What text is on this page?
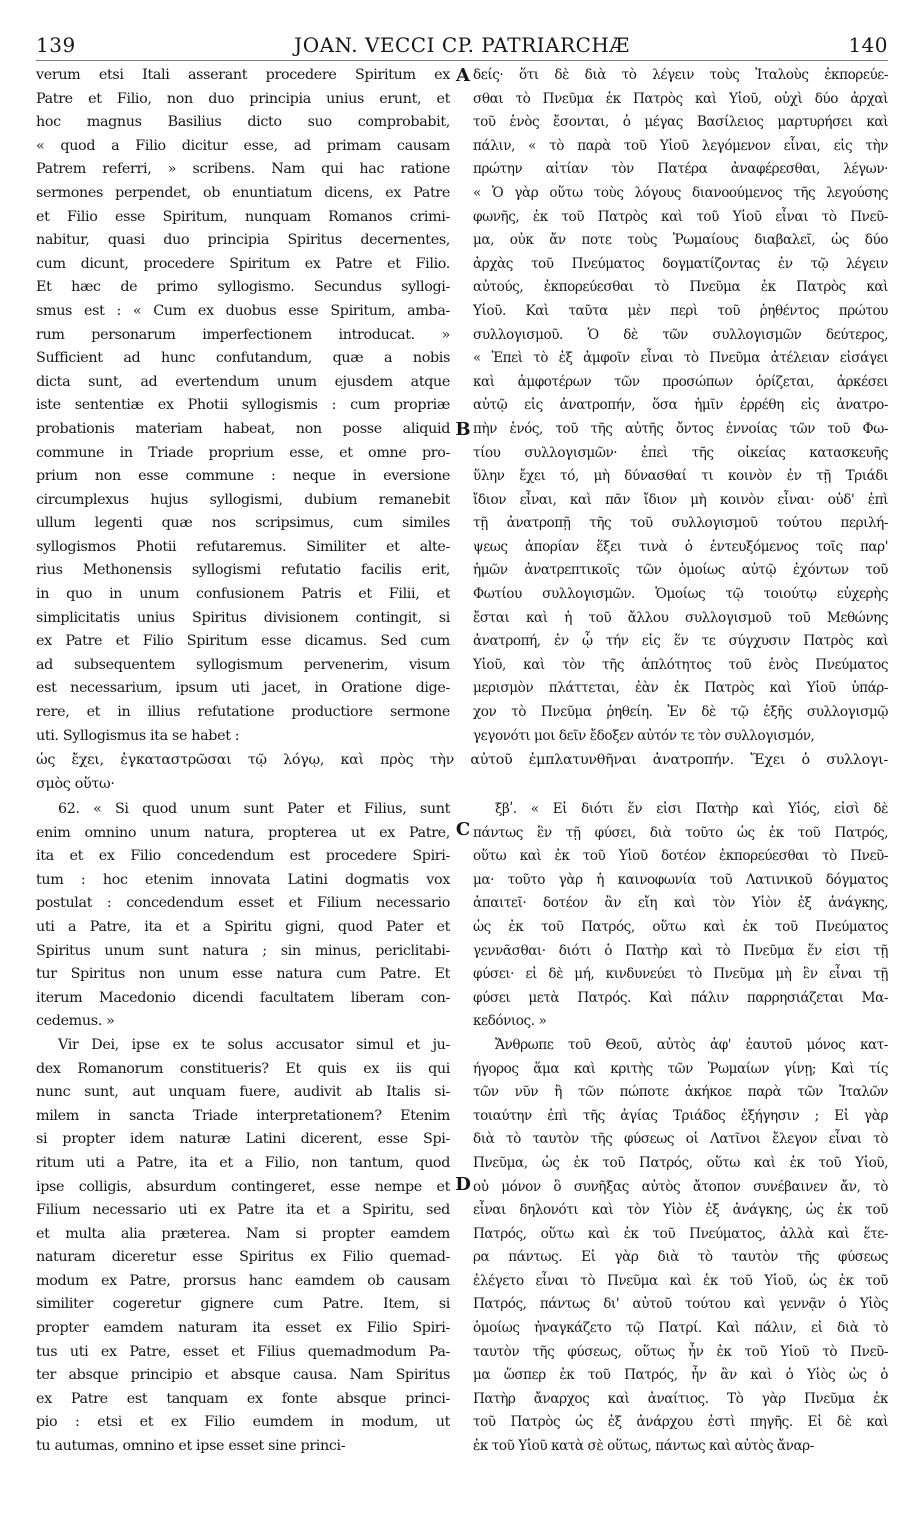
139	JOAN. VECCI CP. PATRIARCHÆ	140
A
B
C
D
verum etsi Itali asserant procedere Spiritum ex
Patre et Filio, non duo principia unius erunt, et
hoc magnus Basilius dicto suo comprobabit,
« quod a Filio dicitur esse, ad primam causam
Patrem referri, » scribens. Nam qui hac ratione
sermones perpendet, ob enuntiatum dicens, ex Patre
et Filio esse Spiritum, nunquam Romanos crimi-
nabitur, quasi duo principia Spiritus decernentes,
cum dicunt, procedere Spiritum ex Patre et Filio.
Et hæc de primo syllogismo. Secundus syllogi-
smus est : « Cum ex duobus esse Spiritum, amba-
rum personarum imperfectionem introducat. »
Sufficient ad hunc confutandum, quæ a nobis
dicta sunt, ad evertendum unum ejusdem atque
iste sententiæ ex Photii syllogismis : cum propriæ
probationis materiam habeat, non posse aliquid
commune in Triade proprium esse, et omne pro-
prium non esse commune : neque in eversione
circumplexus hujus syllogismi, dubium remanebit
ullum legenti quæ nos scripsimus, cum similes
syllogismos Photii refutaremus. Similiter et alte-
rius Methonensis syllogismi refutatio facilis erit,
in quo in unum confusionem Patris et Filii, et
simplicitatis unius Spiritus divisionem contingit, si
ex Patre et Filio Spiritum esse dicamus. Sed cum
ad subsequentem syllogismum pervenerim, visum
est necessarium, ipsum uti jacet, in Oratione dige-
rere, et in illius refutatione productiore sermone
uti. Syllogismus ita se habet :
δείς· ὅτι δὲ διὰ τὸ λέγειν τοὺς Ἰταλοὺς ἐκπορεύε-
σθαι τὸ Πνεῦμα ἐκ Πατρὸς καὶ Υἱοῦ, οὐχὶ δύο ἀρχαὶ
τοῦ ἑνὸς ἔσονται, ὁ μέγας Βασίλειος μαρτυρήσει καὶ
πάλιν, « τὸ παρὰ τοῦ Υἱοῦ λεγόμενον εἶναι, εἰς τὴν
πρώτην αἰτίαν τὸν Πατέρα ἀναφέρεσθαι, λέγων·
« Ὁ γὰρ οὕτω τοὺς λόγους διανοούμενος τῆς λεγούσης
φωνῆς, ἐκ τοῦ Πατρὸς καὶ τοῦ Υἱοῦ εἶναι τὸ Πνεῦ-
μα, οὐκ ἄν ποτε τοὺς Ῥωμαίους διαβαλεῖ, ὡς δύο
ἀρχὰς τοῦ Πνεύματος δογματίζοντας ἐν τῷ λέγειν
αὐτούς, ἐκπορεύεσθαι τὸ Πνεῦμα ἐκ Πατρὸς καὶ
Υἱοῦ. Καὶ ταῦτα μὲν περὶ τοῦ ῥηθέντος πρώτου
συλλογισμοῦ. Ὁ δὲ τῶν συλλογισμῶν δεύτερος,
« Ἐπεὶ τὸ ἐξ ἀμφοῖν εἶναι τὸ Πνεῦμα ἀτέλειαν εἰσάγει
καὶ ἀμφοτέρων τῶν προσώπων ὁρίζεται, ἀρκέσει
αὐτῷ εἰς ἀνατροπήν, ὅσα ἡμῖν ἐρρέθη εἰς ἀνατρο-
πὴν ἑνός, τοῦ τῆς αὐτῆς ὄντος ἐννοίας τῶν τοῦ Φω-
τίου συλλογισμῶν· ἐπεὶ τῆς οἰκείας κατασκευῆς
ὕλην ἔχει τό, μὴ δύνασθαί τι κοινὸν ἐν τῇ Τριάδι
ἴδιον εἶναι, καὶ πᾶν ἴδιον μὴ κοινὸν εἶναι· οὐδ' ἐπὶ
τῇ ἀνατροπῇ τῆς τοῦ συλλογισμοῦ τούτου περιλή-
ψεως ἀπορίαν ἕξει τινὰ ὁ ἐντευξόμενος τοῖς παρ'
ἡμῶν ἀνατρεπτικοῖς τῶν ὁμοίως αὐτῷ ἐχόντων τοῦ
Φωτίου συλλογισμῶν. Ὁμοίως τῷ τοιούτῳ εὐχερὴς
ἔσται καὶ ἡ τοῦ ἄλλου συλλογισμοῦ τοῦ Μεθώνης
ἀνατροπή, ἐν ᾧ τήν εἰς ἕν τε σύγχυσιν Πατρὸς καὶ
Υἱοῦ, καὶ τὸν τῆς ἁπλότητος τοῦ ἑνὸς Πνεύματος
μερισμὸν πλάττεται, ἐὰν ἐκ Πατρὸς καὶ Υἱοῦ ὑπάρ-
χον τὸ Πνεῦμα ῥηθείη. Ἐν δὲ τῷ ἑξῆς συλλογισμῷ
γεγονότι μοι δεῖν ἔδοξεν αὐτόν τε τὸν συλλογισμόν,
ὡς ἔχει, ἐγκαταστρῶσαι τῷ λόγῳ, καὶ πρὸς τὴν αὐτοῦ ἐμπλατυνθῆναι ἀνατροπήν. Ἔχει ὁ συλλογι-
σμὸς οὕτω·
62. « Si quod unum sunt Pater et Filius, sunt
enim omnino unum natura, propterea ut ex Patre,
ita et ex Filio concedendum est procedere Spiri-
tum : hoc etenim innovata Latini dogmatis vox
postulat : concedendum esset et Filium necessario
uti a Patre, ita et a Spiritu gigni, quod Pater et
Spiritus unum sunt natura ; sin minus, periclitabi-
tur Spiritus non unum esse natura cum Patre. Et
iterum Macedonio dicendi facultatem liberam con-
cedemus. »
Vir Dei, ipse ex te solus accusator simul et ju-
dex Romanorum constitueris? Et quis ex iis qui
nunc sunt, aut unquam fuere, audivit ab Italis si-
milem in sancta Triade interpretationem? Etenim
si propter idem naturæ Latini dicerent, esse Spi-
ritum uti a Patre, ita et a Filio, non tantum, quod
ipse colligis, absurdum contingeret, esse nempe et
Filium necessario uti ex Patre ita et a Spiritu, sed
et multa alia præterea. Nam si propter eamdem
naturam diceretur esse Spiritus ex Filio quemad-
modum ex Patre, prorsus hanc eamdem ob causam
similiter cogeretur gignere cum Patre. Item, si
propter eamdem naturam ita esset ex Filio Spiri-
tus uti ex Patre, esset et Filius quemadmodum Pa-
ter absque principio et absque causa. Nam Spiritus
ex Patre est tanquam ex fonte absque princi-
pio : etsi et ex Filio eumdem in modum, ut
tu autumas, omnino et ipse esset sine princi-
ξβʹ. « Εἰ διότι ἕν εἰσι Πατὴρ καὶ Υἱός, εἰσὶ δὲ
πάντως ἓν τῇ φύσει, διὰ τοῦτο ὡς ἐκ τοῦ Πατρός,
οὕτω καὶ ἐκ τοῦ Υἱοῦ δοτέον ἐκπορεύεσθαι τὸ Πνεῦ-
μα· τοῦτο γὰρ ἡ καινοφωνία τοῦ Λατινικοῦ δόγματος
ἀπαιτεῖ· δοτέον ἂν εἴη καὶ τὸν Υἱὸν ἐξ ἀνάγκης,
ὡς ἐκ τοῦ Πατρός, οὕτω καὶ ἐκ τοῦ Πνεύματος
γεννᾶσθαι· διότι ὁ Πατὴρ καὶ τὸ Πνεῦμα ἕν εἰσι τῇ
φύσει· εἰ δὲ μή, κινδυνεύει τὸ Πνεῦμα μὴ ἓν εἶναι τῇ
φύσει μετὰ Πατρός. Καὶ πάλιν παρρησιάζεται Μα-
κεδόνιος. »
Ἄνθρωπε τοῦ Θεοῦ, αὐτὸς ἀφ' ἑαυτοῦ μόνος κατ-
ήγορος ἅμα καὶ κριτὴς τῶν Ῥωμαίων γίνῃ; Καὶ τίς
τῶν νῦν ἢ τῶν πώποτε ἀκήκοε παρὰ τῶν Ἰταλῶν
τοιαύτην ἐπὶ τῆς ἁγίας Τριάδος ἐξήγησιν ; Εἰ γὰρ
διὰ τὸ ταυτὸν τῆς φύσεως οἱ Λατῖνοι ἔλεγον εἶναι τὸ
Πνεῦμα, ὡς ἐκ τοῦ Πατρός, οὕτω καὶ ἐκ τοῦ Υἱοῦ,
οὐ μόνον ὃ συνῆξας αὐτὸς ἄτοπον συνέβαινεν ἄν, τὸ
εἶναι δηλονότι καὶ τὸν Υἱὸν ἐξ ἀνάγκης, ὡς ἐκ τοῦ
Πατρός, οὕτω καὶ ἐκ τοῦ Πνεύματος, ἀλλὰ καὶ ἕτε-
ρα πάντως. Εἰ γὰρ διὰ τὸ ταυτὸν τῆς φύσεως
ἐλέγετο εἶναι τὸ Πνεῦμα καὶ ἐκ τοῦ Υἱοῦ, ὡς ἐκ τοῦ
Πατρός, πάντως δι' αὐτοῦ τούτου καὶ γεννᾷν ὁ Υἱὸς
ὁμοίως ἠναγκάζετο τῷ Πατρί. Καὶ πάλιν, εἰ διὰ τὸ
ταυτὸν τῆς φύσεως, οὕτως ἦν ἐκ τοῦ Υἱοῦ τὸ Πνεῦ-
μα ὥσπερ ἐκ τοῦ Πατρός, ἦν ἂν καὶ ὁ Υἱὸς ὡς ὁ
Πατὴρ ἄναρχος καὶ ἀναίτιος. Τὸ γὰρ Πνεῦμα ἐκ
τοῦ Πατρὸς ὡς ἐξ ἀνάρχου ἐστὶ πηγῆς. Εἰ δὲ καὶ
ἐκ τοῦ Υἱοῦ κατὰ σὲ οὕτως, πάντως καὶ αὐτὸς ἄναρ-
